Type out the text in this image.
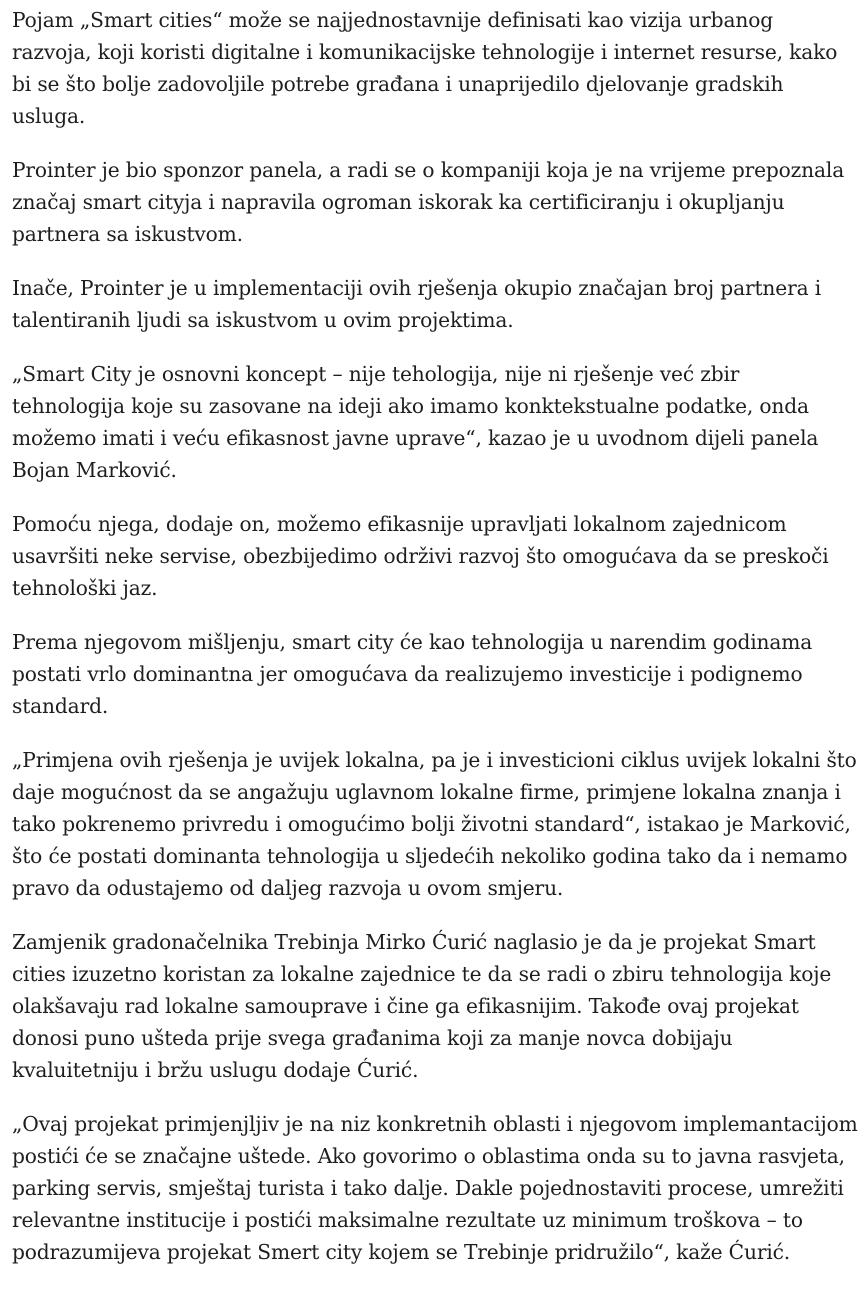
Pojam „Smart cities“ može se najjednostavnije definisati kao vizija urbanog razvoja, koji koristi digitalne i komunikacijske tehnologije i internet resurse, kako bi se što bolje zadovoljile potrebe građana i unaprijedilo djelovanje gradskih usluga.

Prointer je bio sponzor panela, a radi se o kompaniji koja je na vrijeme prepoznala značaj smart cityja i napravila ogroman iskorak ka certificiranju i okupljanju partnera sa iskustvom.

Inače, Prointer je u implementaciji ovih rješenja okupio značajan broj partnera i talentiranih ljudi sa iskustvom u ovim projektima.

„Smart City je osnovni koncept – nije tehologija, nije ni rješenje već zbir tehnologija koje su zasovane na ideji ako imamo konktekstualne podatke, onda možemo imati i veću efikasnost javne uprave“, kazao je u uvodnom dijeli panela Bojan Marković.

Pomoću njega, dodaje on, možemo efikasnije upravljati lokalnom zajednicom usavršiti neke servise, obezbijedimo održivi razvoj što omogućava da se preskoči tehnološki jaz.

Prema njegovom mišljenju, smart city će kao tehnologija u narendim godinama postati vrlo dominantna jer omogućava da realizujemo investicije i podignemo standard.

„Primjena ovih rješenja je uvijek lokalna, pa je i investicioni ciklus uvijek lokalni što daje mogućnost da se angažuju uglavnom lokalne firme, primjene lokalna znanja i tako pokrenemo privredu i omogućimo bolji životni standard“, istakao je Marković, što će postati dominanta tehnologija u sljedećih nekoliko godina tako da i nemamo pravo da odustajemo od daljeg razvoja u ovom smjeru.

Zamjenik gradonačelnika Trebinja Mirko Ćurić naglasio je da je projekat Smart cities izuzetno koristan za lokalne zajednice te da se radi o zbiru tehnologija koje olakšavaju rad lokalne samouprave i čine ga efikasnijim. Takođe ovaj projekat donosi puno ušteda prije svega građanima koji za manje novca dobijaju kvaluitetniju i bržu uslugu dodaje Ćurić.

„Ovaj projekat primjenjljiv je na niz konkretnih oblasti i njegovom implemantacijom postići će se značajne uštede. Ako govorimo o oblastima onda su to javna rasvjeta, parking servis, smještaj turista i tako dalje. Dakle pojednostaviti procese, umrežiti relevantne institucije i postići maksimalne rezultate uz minimum troškova – to podrazumijeva projekat Smert city kojem se Trebinje pridružilo“, kaže Ćurić.
